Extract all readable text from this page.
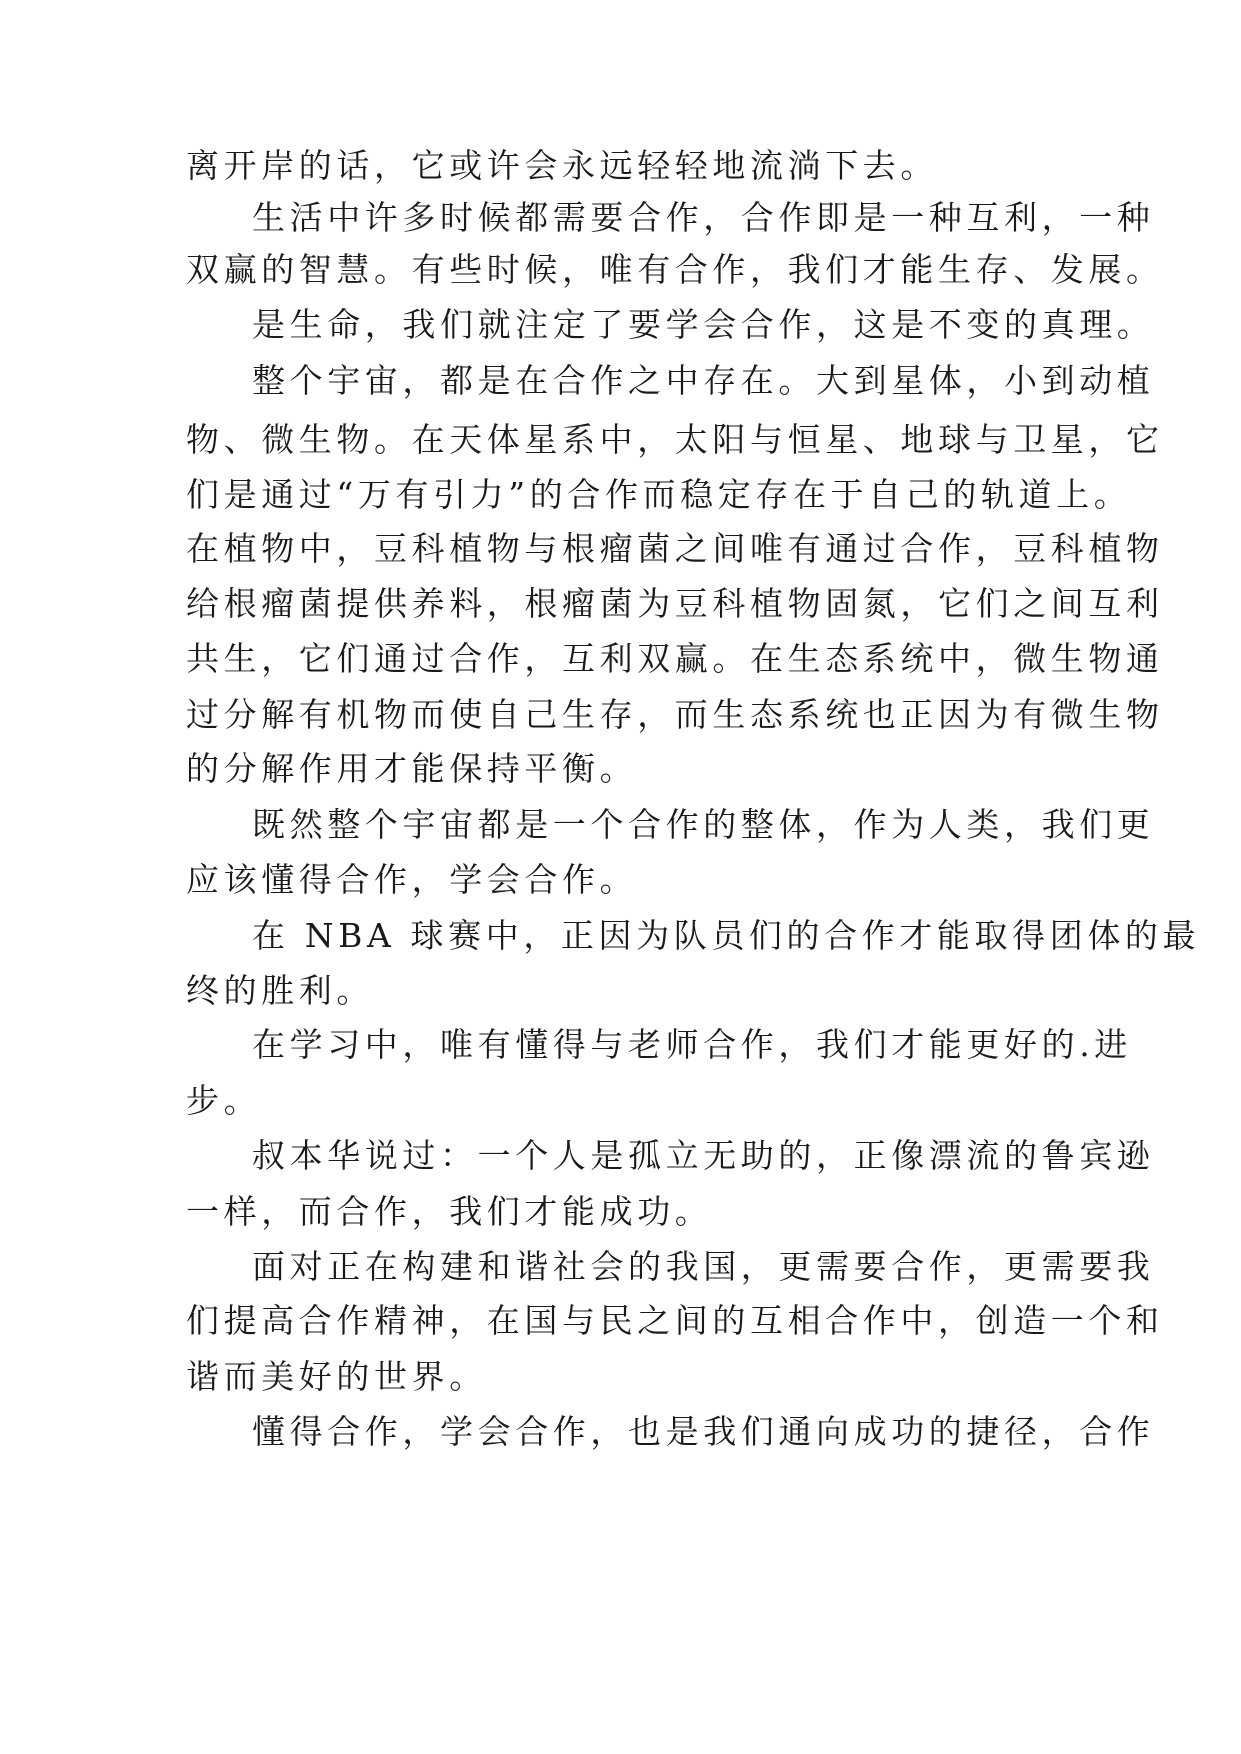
离开岸的话，它或许会永远轻轻地流淌下去。

生活中许多时候都需要合作，合作即是一种互利，一种

双赢的智慧。有些时候，唯有合作，我们才能生存、发展。

是生命，我们就注定了要学会合作，这是不变的真理。

整个宇宙，都是在合作之中存在。大到星体，小到动植

物、微生物。在天体星系中，太阳与恒星、地球与卫星，它

们是通过“万有引力”的合作而稳定存在于自己的轨道上。

在植物中，豆科植物与根瘤菌之间唯有通过合作，豆科植物

给根瘤菌提供养料，根瘤菌为豆科植物固氮，它们之间互利

共生，它们通过合作，互利双赢。在生态系统中，微生物通

过分解有机物而使自己生存，而生态系统也正因为有微生物

的分解作用才能保持平衡。

既然整个宇宙都是一个合作的整体，作为人类，我们更

应该懂得合作，学会合作。

在 NBA 球赛中，正因为队员们的合作才能取得团体的最

终的胜利。

在学习中，唯有懂得与老师合作，我们才能更好的.进

步。

叔本华说过：一个人是孤立无助的，正像漂流的鲁宾逊

一样，而合作，我们才能成功。

面对正在构建和谐社会的我国，更需要合作，更需要我

们提高合作精神，在国与民之间的互相合作中，创造一个和

谐而美好的世界。

懂得合作，学会合作，也是我们通向成功的捷径，合作
